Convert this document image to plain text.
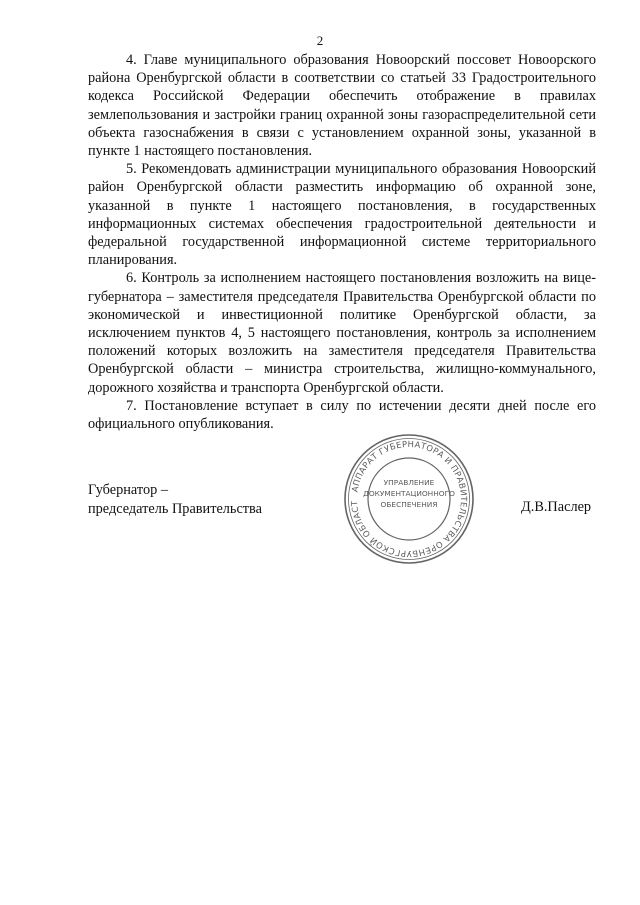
2

4. Главе муниципального образования Новоорский поссовет Новоорского района Оренбургской области в соответствии со статьей 33 Градостроительного кодекса Российской Федерации обеспечить отображение в правилах землепользования и застройки границ охранной зоны газораспределительной сети объекта газоснабжения в связи с установлением охранной зоны, указанной в пункте 1 настоящего постановления.

5. Рекомендовать администрации муниципального образования Новоорский район Оренбургской области разместить информацию об охранной зоне, указанной в пункте 1 настоящего постановления, в государственных информационных системах обеспечения градостроительной деятельности и федеральной государственной информационной системе территориального планирования.

6. Контроль за исполнением настоящего постановления возложить на вице-губернатора – заместителя председателя Правительства Оренбургской области по экономической и инвестиционной политике Оренбургской области, за исключением пунктов 4, 5 настоящего постановления, контроль за исполнением положений которых возложить на заместителя председателя Правительства Оренбургской области – министра строительства, жилищно-коммунального, дорожного хозяйства и транспорта Оренбургской области.

7. Постановление вступает в силу по истечении десяти дней после его официального опубликования.

Губернатор –
председатель Правительства
АППАРАТ ГУБЕРНАТОРА И ПРАВИТЕЛЬСТВА ОРЕНБУРГСКОЙ ОБЛАСТ
УПРАВЛЕНИЕ
ДОКУМЕНТАЦИОННОГО
ОБЕСПЕЧЕНИЯ	Д.В.Паслер
